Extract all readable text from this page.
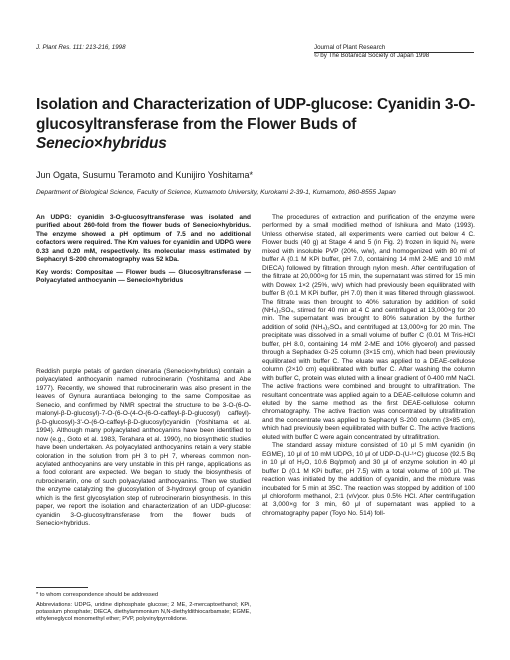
J. Plant Res. 111: 213-216, 1998	Journal of Plant Research
© by The Botanical Society of Japan 1998
Isolation and Characterization of UDP-glucose: Cyanidin 3-O-glucosyltransferase from the Flower Buds of Senecio×hybridus
Jun Ogata, Susumu Teramoto and Kunijiro Yoshitama*
Department of Biological Science, Faculty of Science, Kumamoto University, Kurokami 2-39-1, Kumamoto, 860-8555 Japan
An UDPG: cyanidin 3-O-glucosyltransferase was isolated and purified about 260-fold from the flower buds of Senecio×hybridus. The enzyme showed a pH optimum of 7.5 and no additional cofactors were required. The Km values for cyanidin and UDPG were 0.33 and 0.20 mM, respectively. Its molecular mass estimated by Sephacryl S-200 chromatography was 52 kDa.
Key words: Compositae — Flower buds — Glucosyltransferase — Polyacylated anthocyanin — Senecio×hybridus
Reddish purple petals of garden cineraria (Senecio×hybridus) contain a polyacylated anthocyanin named rubrocinerarin (Yoshitama and Abe 1977). Recently, we showed that rubrocinerarin was also present in the leaves of Gynura aurantiaca belonging to the same Compositae as Senecio, and confirmed by NMR spectral the structure to be 3-O-(6-O-malonyl-β-D-glucosyl)-7-O-(6-O-(4-O-(6-O-caffeyl-β-D-glucosyl) caffeyl)-β-D-glucosyl)-3'-O-(6-O-caffeyl-β-D-glucosyl)cyanidin (Yoshitama et al. 1994). Although many polyacylated anthocyanins have been identified to now (e.g., Goto et al. 1983, Terahara et al. 1990), no biosynthetic studies have been undertaken. As polyacylated anthocyanins retain a very stable coloration in the solution from pH 3 to pH 7, whereas common non-acylated anthocyanins are very unstable in this pH range, applications as a food colorant are expected. We began to study the biosynthesis of rubrocinerarin, one of such polyacylated anthocyanins. Then we studied the enzyme catalyzing the glucosylation of 3-hydroxyl group of cyanidin which is the first glycosylation step of rubrocinerarin biosynthesis. In this paper, we report the isolation and characterization of an UDP-glucose: cyanidin 3-O-glucosyltransferase from the flower buds of Senecio×hybridus.
The procedures of extraction and purification of the enzyme were performed by a small modified method of Ishikura and Mato (1993). Unless otherwise stated, all experiments were carried out below 4 C. Flower buds (40 g) at Stage 4 and 5 (in Fig. 2) frozen in liquid N₂ were mixed with insoluble PVP (20%, w/w), and homogenized with 80 ml of buffer A (0.1 M KPi buffer, pH 7.0, containing 14 mM 2-ME and 10 mM DIECA) followed by filtration through nylon mesh. After centrifugation of the filtrate at 20,000×g for 15 min, the supernatant was stirred for 15 min with Dowex 1×2 (25%, w/v) which had previously been equilibrated with buffer B (0.1 M KPi buffer, pH 7.0) then it was filtered through glasswool. The filtrate was then brought to 40% saturation by addition of solid (NH₄)₂SO₄, stirred for 40 min at 4 C and centrifuged at 13,000×g for 20 min. The supernatant was brought to 80% saturation by the further addition of solid (NH₄)₂SO₄ and centrifuged at 13,000×g for 20 min. The precipitate was dissolved in a small volume of buffer C (0.01 M Tris-HCl buffer, pH 8.0, containing 14 mM 2-ME and 10% glycerol) and passed through a Sephadex G-25 column (3×15 cm), which had been previously equilibrated with buffer C. The eluate was applied to a DEAE-cellulose column (2×10 cm) equilibrated with buffer C. After washing the column with buffer C, protein was eluted with a linear gradient of 0-400 mM NaCl. The active fractions were combined and brought to ultrafiltration. The resultant concentrate was applied again to a DEAE-cellulose column and eluted by the same method as the first DEAE-cellulose column chromatography. The active fraction was concentrated by ultrafiltration and the concentrate was applied to Sephacryl S-200 column (3×85 cm), which had previously been equilibrated with buffer C. The active fractions eluted with buffer C were again concentrated by ultrafiltration.
The standard assay mixture consisted of 10 μl 5 mM cyanidin (in EGME), 10 μl of 10 mM UDPG, 10 μl of UDP-D-(U-¹⁴C) glucose (92.5 Bq in 10 μl of H₂O, 10.6 Bq/pmol) and 30 μl of enzyme solution in 40 μl buffer D (0.1 M KPi buffer, pH 7.5) with a total volume of 100 μl. The reaction was initiated by the addition of cyanidin, and the mixture was incubated for 5 min at 35C. The reaction was stopped by addition of 100 μl chloroform methanol, 2:1 (v/v)cor. plus 0.5% HCl. After centrifugation at 3,000×g for 3 min, 60 μl of supernatant was applied to a chromatography paper (Toyo No. 514) foll-
* to whom correspondence should be addressed
Abbreviations: UDPG, uridine diphosphate glucose; 2 ME, 2-mercaptoethanol; KPi, potassium phosphate; DIECA, diethylammonium N,N-diethyldithiocarbamate; EGME, ethyleneglycol monomethyl ether; PVP, polyvinylpyrrolidone.
